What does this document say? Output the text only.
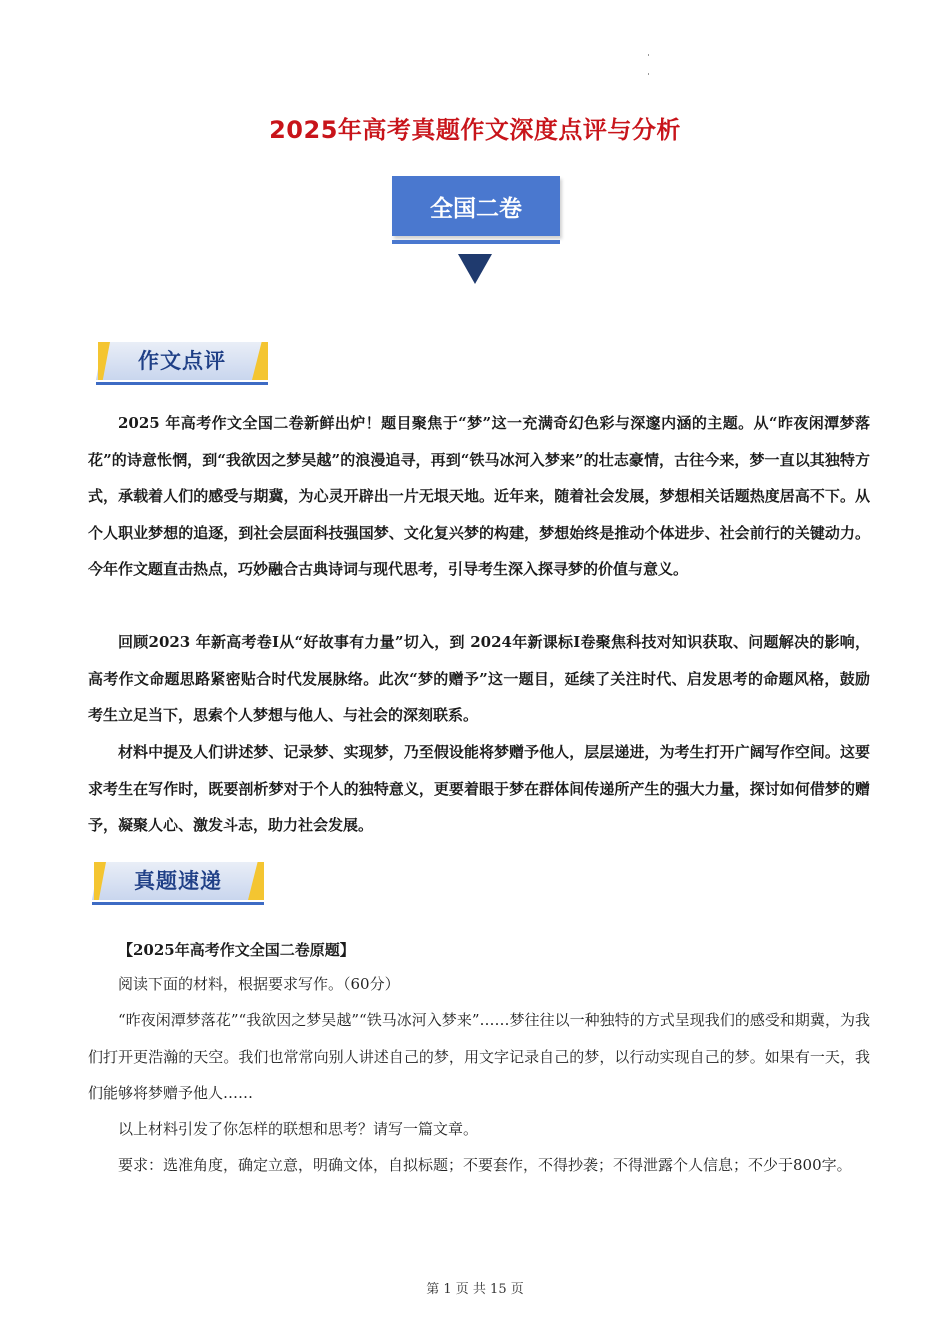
2025年高考真题作文深度点评与分析
全国二卷
作文点评

2025 年高考作文全国二卷新鲜出炉！题目聚焦于“梦”这一充满奇幻色彩与深邃内涵的主题。从“昨夜闲潭梦落花”的诗意怅惘，到“我欲因之梦吴越”的浪漫追寻，再到“铁马冰河入梦来”的壮志豪情，古往今来，梦一直以其独特方式，承载着人们的感受与期冀，为心灵开辟出一片无垠天地。近年来，随着社会发展，梦想相关话题热度居高不下。从个人职业梦想的追逐，到社会层面科技强国梦、文化复兴梦的构建，梦想始终是推动个体进步、社会前行的关键动力。今年作文题直击热点，巧妙融合古典诗词与现代思考，引导考生深入探寻梦的价值与意义。

回顾2023 年新高考卷Ⅰ从“好故事有力量”切入，到 2024年新课标Ⅰ卷聚焦科技对知识获取、问题解决的影响，高考作文命题思路紧密贴合时代发展脉络。此次“梦的赠予”这一题目，延续了关注时代、启发思考的命题风格，鼓励考生立足当下，思索个人梦想与他人、与社会的深刻联系。

材料中提及人们讲述梦、记录梦、实现梦，乃至假设能将梦赠予他人，层层递进，为考生打开广阔写作空间。这要求考生在写作时，既要剖析梦对于个人的独特意义，更要着眼于梦在群体间传递所产生的强大力量，探讨如何借梦的赠予，凝聚人心、激发斗志，助力社会发展。

真题速递
【2025年高考作文全国二卷原题】

阅读下面的材料，根据要求写作。（60分）

“昨夜闲潭梦落花”“我欲因之梦吴越”“铁马冰河入梦来”……梦往往以一种独特的方式呈现我们的感受和期冀，为我们打开更浩瀚的天空。我们也常常向别人讲述自己的梦，用文字记录自己的梦，以行动实现自己的梦。如果有一天，我们能够将梦赠予他人……

以上材料引发了你怎样的联想和思考？请写一篇文章。

要求：选准角度，确定立意，明确文体，自拟标题；不要套作，不得抄袭；不得泄露个人信息；不少于800字。

第 1 页 共 15 页
